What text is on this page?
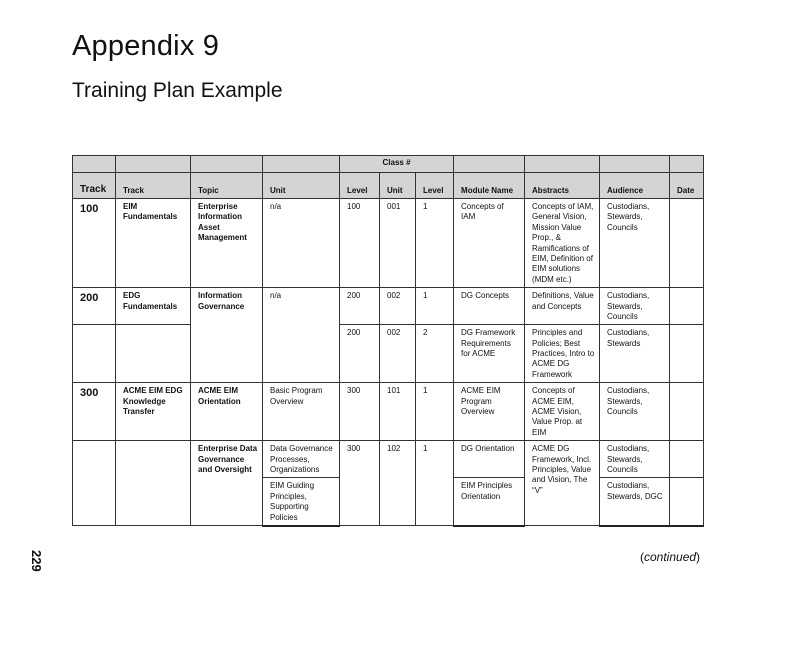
Appendix 9
Training Plan Example
				Class #						
Track	Track	Topic	Unit	Level	Unit	Level	Module Name	Abstracts	Audience	Date
100	EIM Fundamentals	Enterprise Information Asset Management	n/a	100	001	1	Concepts of IAM	Concepts of IAM, General Vision, Mission Value Prop., & Ramifications of EIM, Definition of EIM solutions (MDM etc.)	Custodians, Stewards, Councils	
200	EDG Fundamentals	Information Governance	n/a	200	002	1	DG Concepts	Definitions, Value and Concepts	Custodians, Stewards, Councils	
				200	002	2	DG Framework Requirements for ACME	Principles and Policies; Best Practices, Intro to ACME DG Framework	Custodians, Stewards	
300	ACME EIM EDG Knowledge Transfer	ACME EIM Orientation	Basic Program Overview	300	101	1	ACME EIM Program Overview	Concepts of ACME EIM, ACME Vision, Value Prop. at EIM	Custodians, Stewards, Councils	
		Enterprise Data Governance and Oversight	Data Governance Processes, Organizations	300	102	1	DG Orientation	ACME DG Framework, Incl. Principles, Value and Vision, The “V”	Custodians, Stewards, Councils	
			EIM Guiding Principles, Supporting Policies				EIM Principles Orientation		Custodians, Stewards, DGC	
(continued)
229
